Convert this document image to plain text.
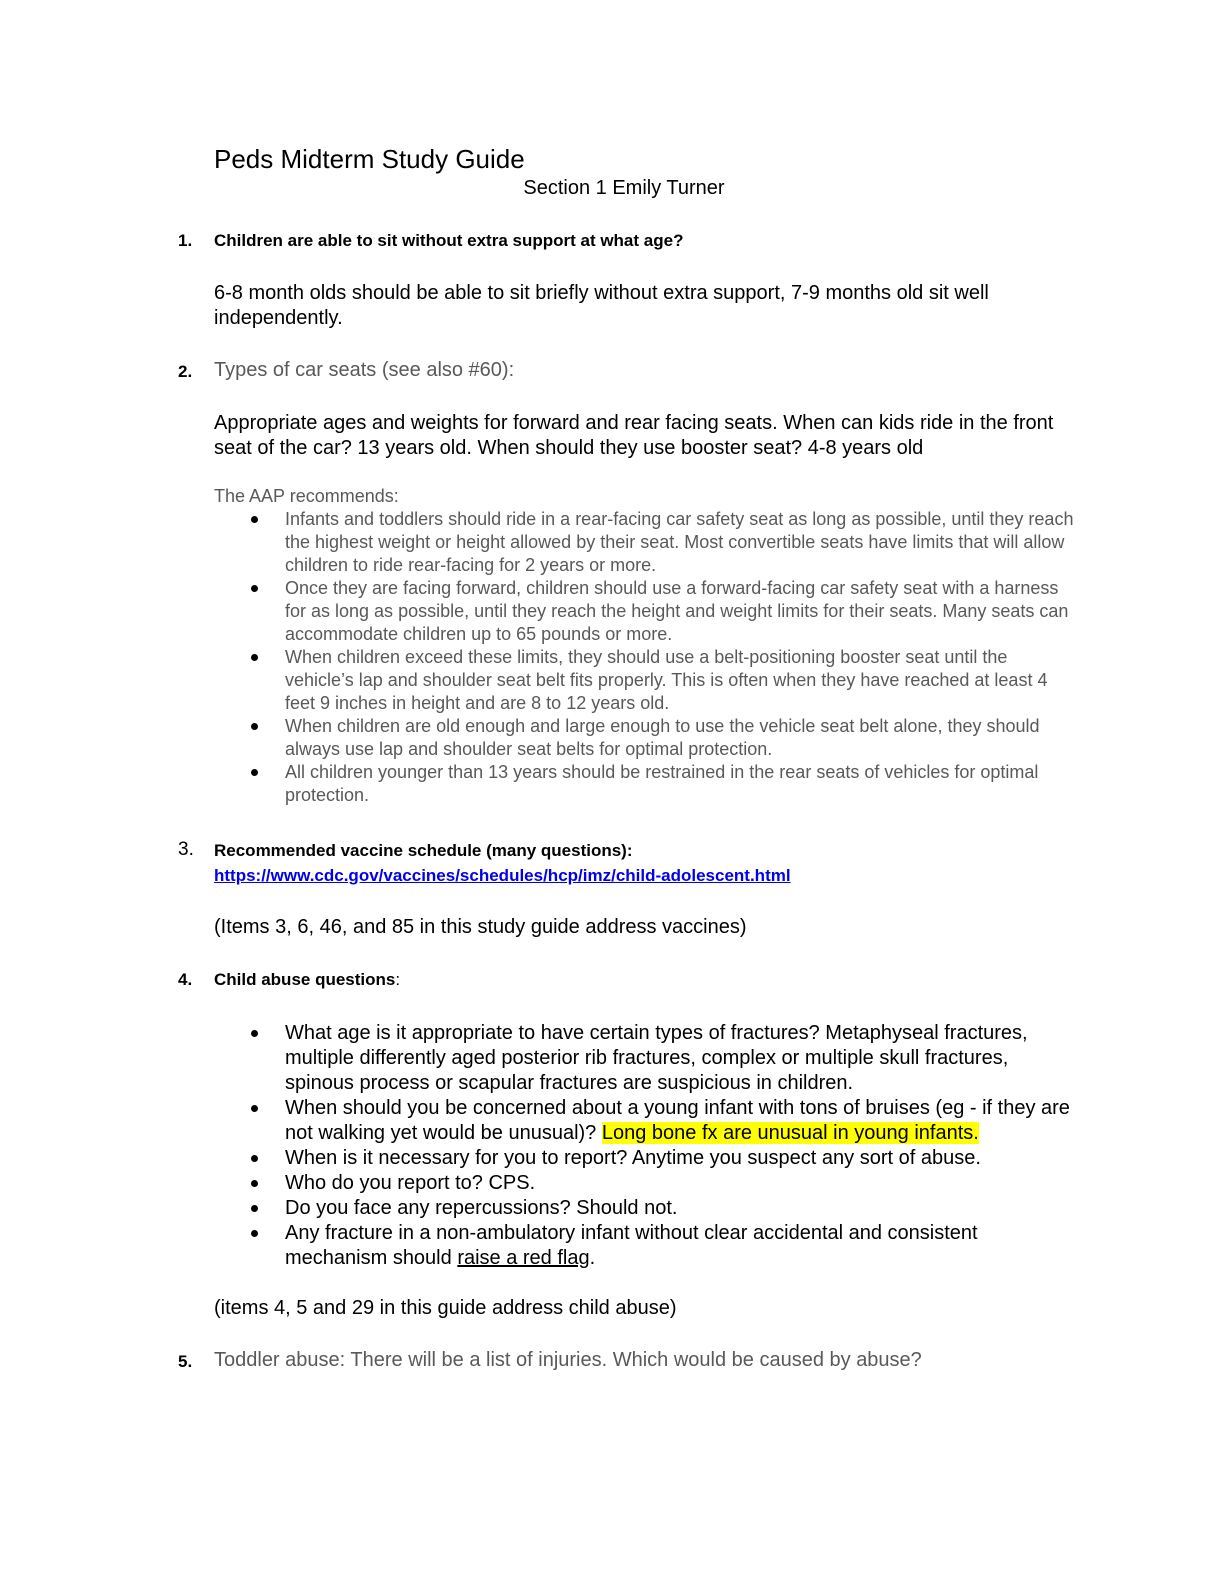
Peds Midterm Study Guide
Section 1 Emily Turner
1. Children are able to sit without extra support at what age?
6-8 month olds should be able to sit briefly without extra support, 7-9 months old sit well independently.
2. Types of car seats (see also #60):
Appropriate ages and weights for forward and rear facing seats. When can kids ride in the front seat of the car? 13 years old. When should they use booster seat? 4-8 years old
The AAP recommends:
Infants and toddlers should ride in a rear-facing car safety seat as long as possible, until they reach the highest weight or height allowed by their seat. Most convertible seats have limits that will allow children to ride rear-facing for 2 years or more.
Once they are facing forward, children should use a forward-facing car safety seat with a harness for as long as possible, until they reach the height and weight limits for their seats. Many seats can accommodate children up to 65 pounds or more.
When children exceed these limits, they should use a belt-positioning booster seat until the vehicle’s lap and shoulder seat belt fits properly. This is often when they have reached at least 4 feet 9 inches in height and are 8 to 12 years old.
When children are old enough and large enough to use the vehicle seat belt alone, they should always use lap and shoulder seat belts for optimal protection.
All children younger than 13 years should be restrained in the rear seats of vehicles for optimal protection.
3. Recommended vaccine schedule (many questions):
https://www.cdc.gov/vaccines/schedules/hcp/imz/child-adolescent.html
(Items 3, 6, 46, and 85 in this study guide address vaccines)
4. Child abuse questions:
What age is it appropriate to have certain types of fractures? Metaphyseal fractures, multiple differently aged posterior rib fractures, complex or multiple skull fractures, spinous process or scapular fractures are suspicious in children.
When should you be concerned about a young infant with tons of bruises (eg - if they are not walking yet would be unusual)? Long bone fx are unusual in young infants.
When is it necessary for you to report? Anytime you suspect any sort of abuse.
Who do you report to? CPS.
Do you face any repercussions? Should not.
Any fracture in a non-ambulatory infant without clear accidental and consistent mechanism should raise a red flag.
(items 4, 5 and 29 in this guide address child abuse)
5. Toddler abuse: There will be a list of injuries. Which would be caused by abuse?
